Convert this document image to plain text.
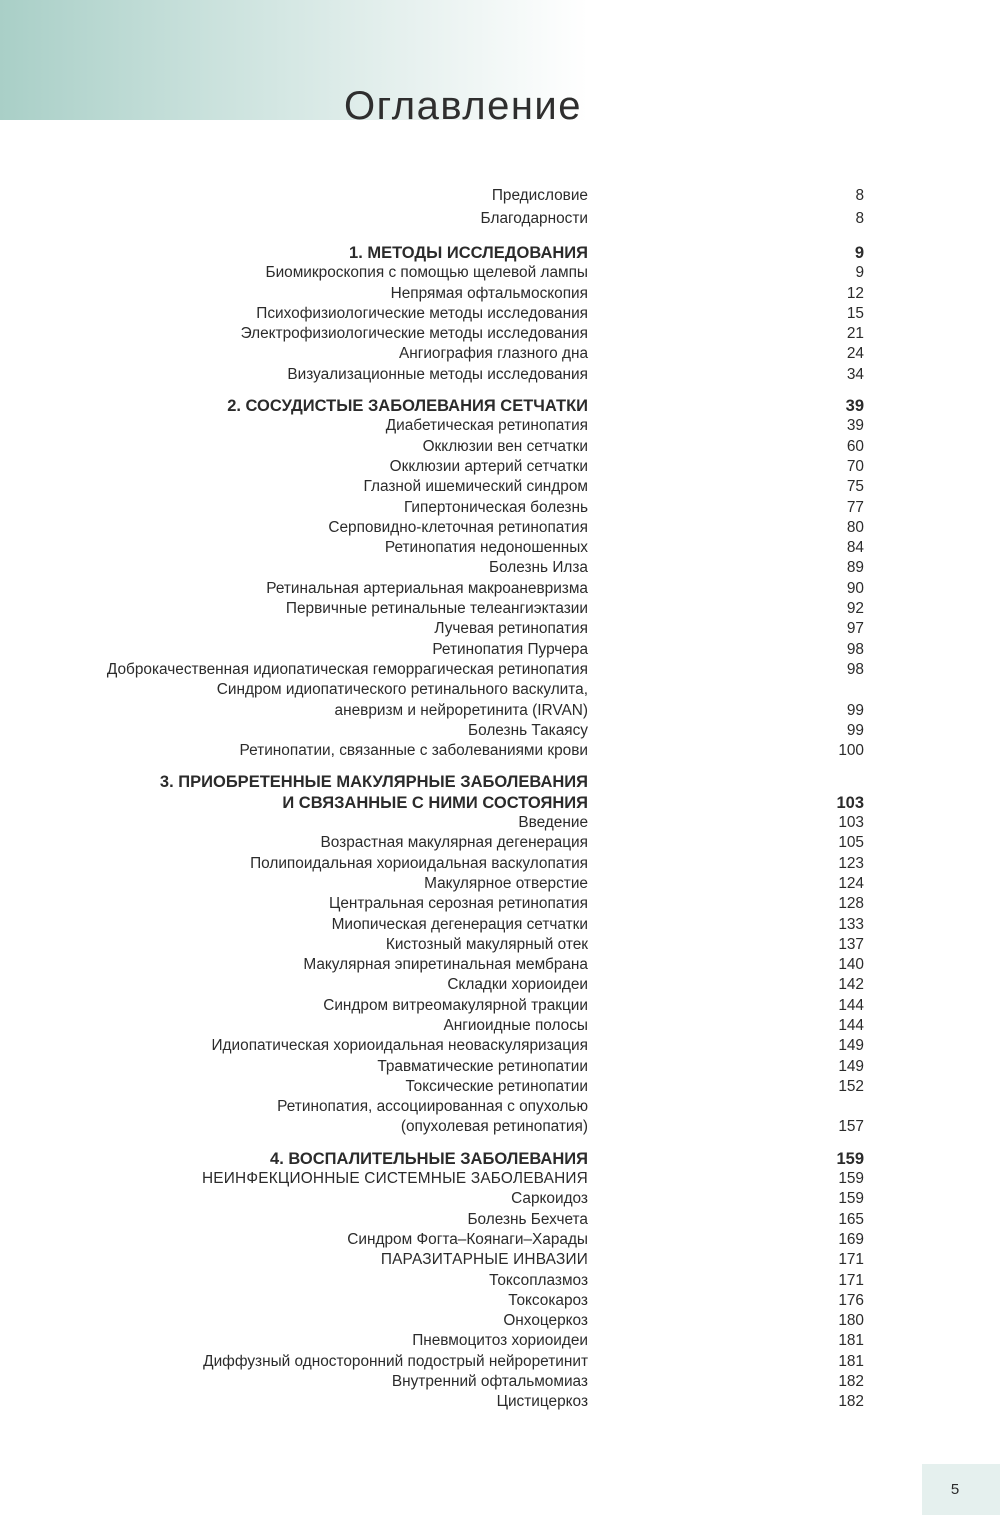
Оглавление
Предисловие	8
Благодарности	8
1. МЕТОДЫ ИССЛЕДОВАНИЯ	9
Биомикроскопия с помощью щелевой лампы	9
Непрямая офтальмоскопия	12
Психофизиологические методы исследования	15
Электрофизиологические методы исследования	21
Ангиография глазного дна	24
Визуализационные методы исследования	34
2. СОСУДИСТЫЕ ЗАБОЛЕВАНИЯ СЕТЧАТКИ	39
Диабетическая ретинопатия	39
Окклюзии вен сетчатки	60
Окклюзии артерий сетчатки	70
Глазной ишемический синдром	75
Гипертоническая болезнь	77
Серповидно-клеточная ретинопатия	80
Ретинопатия недоношенных	84
Болезнь Илза	89
Ретинальная артериальная макроаневризма	90
Первичные ретинальные телеангиэктазии	92
Лучевая ретинопатия	97
Ретинопатия Пурчера	98
Доброкачественная идиопатическая геморрагическая ретинопатия	98
Синдром идиопатического ретинального васкулита,
аневризм и нейроретинита (IRVAN)	99
Болезнь Такаясу	99
Ретинопатии, связанные с заболеваниями крови	100
3. ПРИОБРЕТЕННЫЕ МАКУЛЯРНЫЕ ЗАБОЛЕВАНИЯ
И СВЯЗАННЫЕ С НИМИ СОСТОЯНИЯ	103
Введение	103
Возрастная макулярная дегенерация	105
Полипоидальная хориоидальная васкулопатия	123
Макулярное отверстие	124
Центральная серозная ретинопатия	128
Миопическая дегенерация сетчатки	133
Кистозный макулярный отек	137
Макулярная эпиретинальная мембрана	140
Складки хориоидеи	142
Синдром витреомакулярной тракции	144
Ангиоидные полосы	144
Идиопатическая хориоидальная неоваскуляризация	149
Травматические ретинопатии	149
Токсические ретинопатии	152
Ретинопатия, ассоциированная с опухолью
(опухолевая ретинопатия)	157
4. ВОСПАЛИТЕЛЬНЫЕ ЗАБОЛЕВАНИЯ	159
НЕИНФЕКЦИОННЫЕ СИСТЕМНЫЕ ЗАБОЛЕВАНИЯ	159
Саркоидоз	159
Болезнь Бехчета	165
Синдром Фогта–Коянаги–Харады	169
ПАРАЗИТАРНЫЕ ИНВАЗИИ	171
Токсоплазмоз	171
Токсокароз	176
Онхоцеркоз	180
Пневмоцитоз хориоидеи	181
Диффузный односторонний подострый нейроретинит	181
Внутренний офтальмомиаз	182
Цистицеркоз	182
5
